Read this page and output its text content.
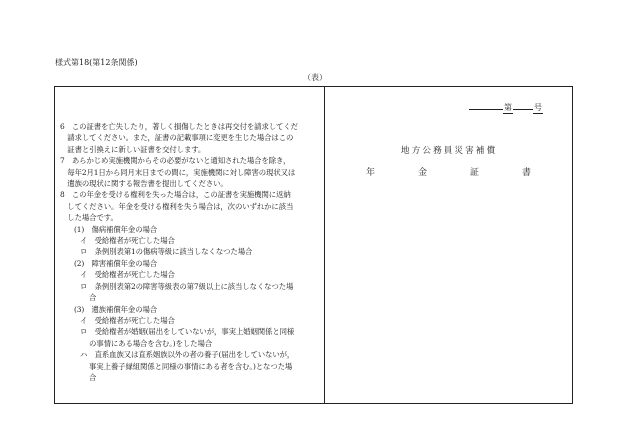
様式第18(第12条関係)
（表）
6　この証書を亡失したり，著しく損傷したときは再交付を請求してくだ
　請求してください。また，証書の記載事項に変更を生じた場合はこの
　証書と引換えに新しい証書を交付します。
7　あらかじめ実施機関からその必要がないと通知された場合を除き，
　毎年2月1日から同月末日までの間に，実施機関に対し障害の現状又は
　遺族の現状に関する報告書を提出してください。
8　この年金を受ける権利を失った場合は，この証書を実施機関に返納
　してください。年金を受ける権利を失う場合は，次のいずれかに該当
　した場合です。
(1)　傷病補償年金の場合
イ　受給権者が死亡した場合
ロ　条例別表第1の傷病等級に該当しなくなつた場合
(2)　障害補償年金の場合
イ　受給権者が死亡した場合
ロ　条例別表第2の障害等級表の第7級以上に該当しなくなつた場
合
(3)　遺族補償年金の場合
イ　受給権者が死亡した場合
ロ　受給権者が婚姻(届出をしていないが，事実上婚姻関係と同様
の事情にある場合を含む。)をした場合
ハ　直系血族又は直系姻族以外の者の養子(届出をしていないが，
事実上養子縁組関係と同様の事情にある者を含む。)となつた場
合
第	号
地方公務員災害補償
年	金	証	書
